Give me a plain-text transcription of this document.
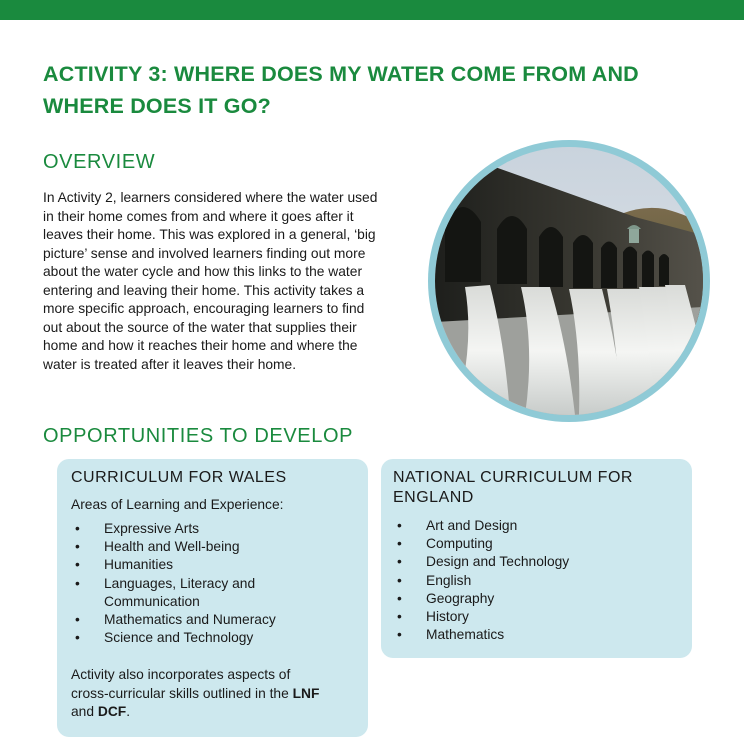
ACTIVITY 3: WHERE DOES MY WATER COME FROM AND
WHERE DOES IT GO?
OVERVIEW

In Activity 2, learners considered where the water used
in their home comes from and where it goes after it
leaves their home. This was explored in a general, ‘big
picture’ sense and involved learners finding out more
about the water cycle and how this links to the water
entering and leaving their home. This activity takes a
more specific approach, encouraging learners to find
out about the source of the water that supplies their
home and how it reaches their home and where the
water is treated after it leaves their home.

OPPORTUNITIES TO DEVELOP
CURRICULUM FOR WALES
Areas of Learning and Experience:
• Expressive Arts
• Health and Well-being
• Humanities
• Languages, Literacy and
Communication
• Mathematics and Numeracy
• Science and Technology

Activity also incorporates aspects of
cross-curricular skills outlined in the LNF
and DCF.

NATIONAL CURRICULUM FOR
ENGLAND
• Art and Design
• Computing
• Design and Technology
• English
• Geography
• History
• Mathematics
